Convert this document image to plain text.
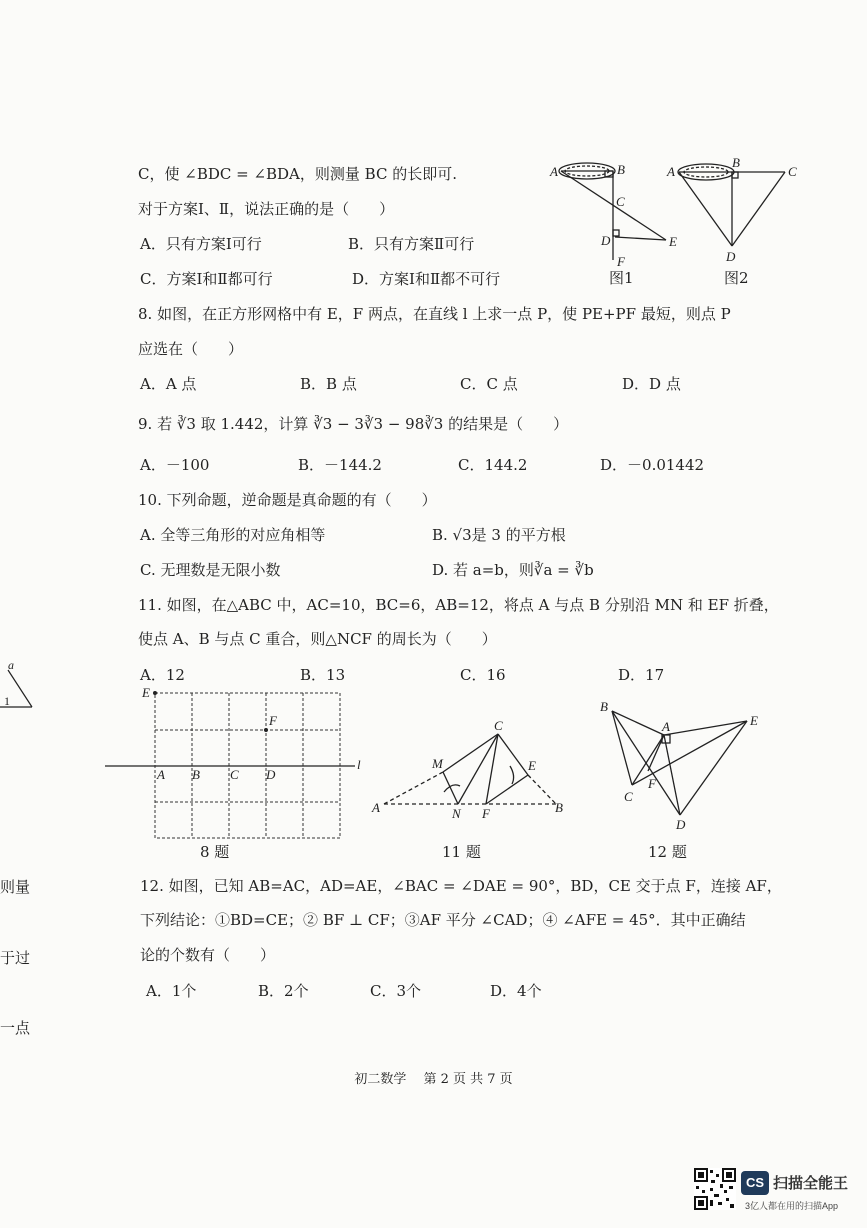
C，使 ∠BDC = ∠BDA，则测量 BC 的长即可.
对于方案Ⅰ、Ⅱ，说法正确的是（　　）
A．只有方案Ⅰ可行	B．只有方案Ⅱ可行
C．方案Ⅰ和Ⅱ都可行	D．方案Ⅰ和Ⅱ都不可行
A	B
C
D	E
F
A
B
C
D
图1	图2
8. 如图，在正方形网格中有 E，F 两点，在直线 l 上求一点 P，使 PE+PF 最短，则点 P
应选在（　　）
A．A 点	B．B 点	C．C 点	D．D 点
9. 若 ∛3 取 1.442，计算 ∛3 − 3∛3 − 98∛3 的结果是（　　）
A．－100	B．－144.2	C．144.2	D．－0.01442
10. 下列命题，逆命题是真命题的有（　　）
A. 全等三角形的对应角相等	B. √3是 3 的平方根
C. 无理数是无限小数	D. 若 a=b，则∛a = ∛b
11. 如图，在△ABC 中，AC=10，BC=6，AB=12，将点 A 与点 B 分别沿 MN 和 EF 折叠，
使点 A、B 与点 C 重合，则△NCF 的周长为（　　）
A．12	B．13	C．16	D．17
E
F
A B C D
l
C
M	E
A	N F	B
B
A	E
C
F
D
8 题	11 题	12 题
12. 如图，已知 AB=AC，AD=AE，∠BAC = ∠DAE = 90°，BD，CE 交于点 F，连接 AF，
下列结论：①BD=CE；② BF ⊥ CF；③AF 平分 ∠CAD；④ ∠AFE = 45°．其中正确结
论的个数有（　　）
A．1个	B．2个	C．3个	D．4个
a
1
则量
于过
一点
初二数学　 第 2 页 共 7 页
CS 扫描全能王
3亿人都在用的扫描App
